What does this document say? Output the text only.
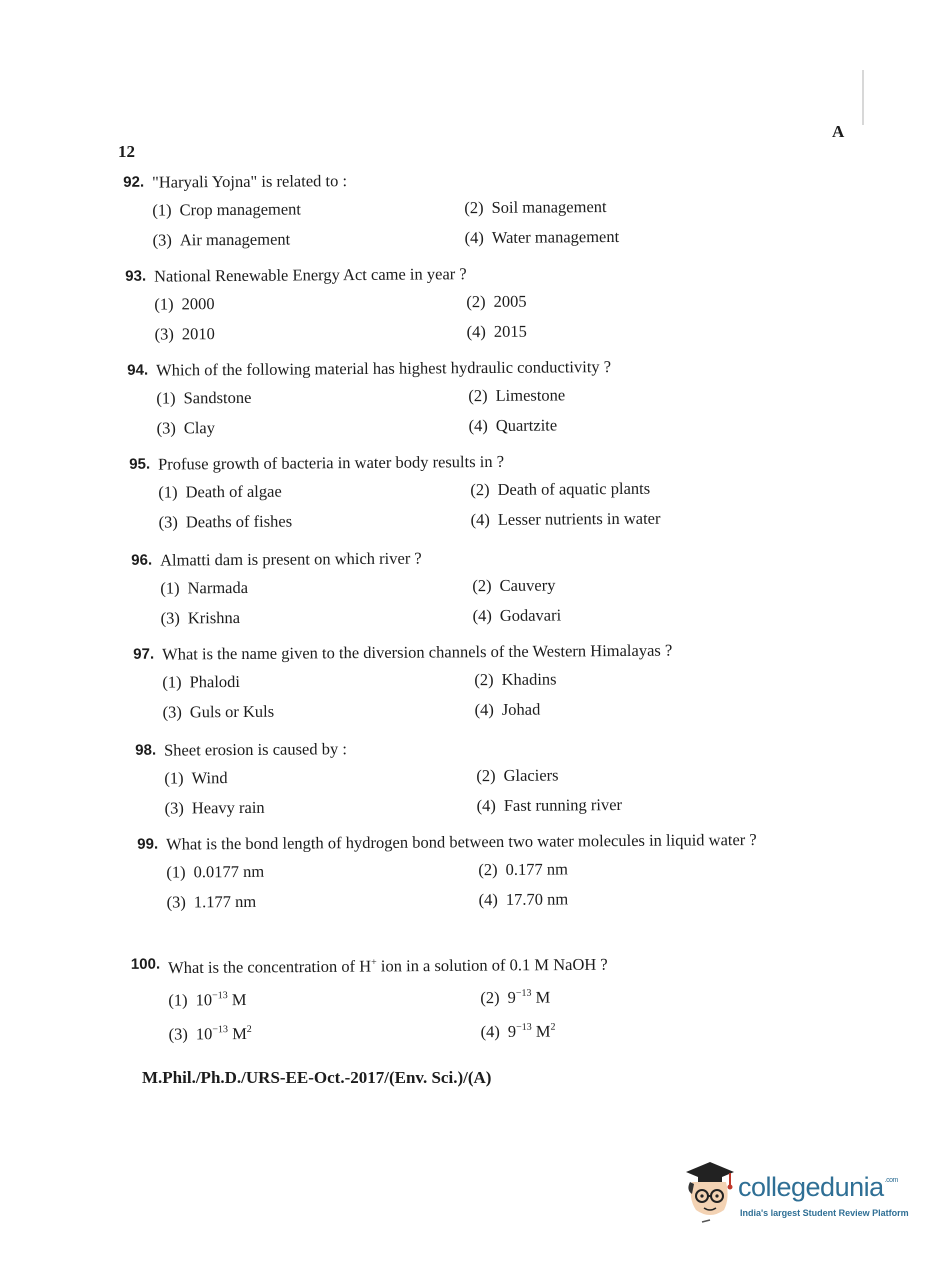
12
A
92. "Haryali Yojna" is related to :
(1) Crop management	(2) Soil management
(3) Air management	(4) Water management
93. National Renewable Energy Act came in year ?
(1) 2000	(2) 2005
(3) 2010	(4) 2015
94. Which of the following material has highest hydraulic conductivity ?
(1) Sandstone	(2) Limestone
(3) Clay	(4) Quartzite
95. Profuse growth of bacteria in water body results in ?
(1) Death of algae	(2) Death of aquatic plants
(3) Deaths of fishes	(4) Lesser nutrients in water
96. Almatti dam is present on which river ?
(1) Narmada	(2) Cauvery
(3) Krishna	(4) Godavari
97. What is the name given to the diversion channels of the Western Himalayas ?
(1) Phalodi	(2) Khadins
(3) Guls or Kuls	(4) Johad
98. Sheet erosion is caused by :
(1) Wind	(2) Glaciers
(3) Heavy rain	(4) Fast running river
99. What is the bond length of hydrogen bond between two water molecules in liquid water ?
(1) 0.0177 nm	(2) 0.177 nm
(3) 1.177 nm	(4) 17.70 nm
100. What is the concentration of H+ ion in a solution of 0.1 M NaOH ?
(1) $10^{-13}$ M	(2) $9^{-13}$ M
(3) $10^{-13}$ $M^2$	(4) $9^{-13}$ $M^2$
M.Phil./Ph.D./URS-EE-Oct.-2017/(Env. Sci.)/(A)
collegedunia$^{.com}$
India's largest Student Review Platform
